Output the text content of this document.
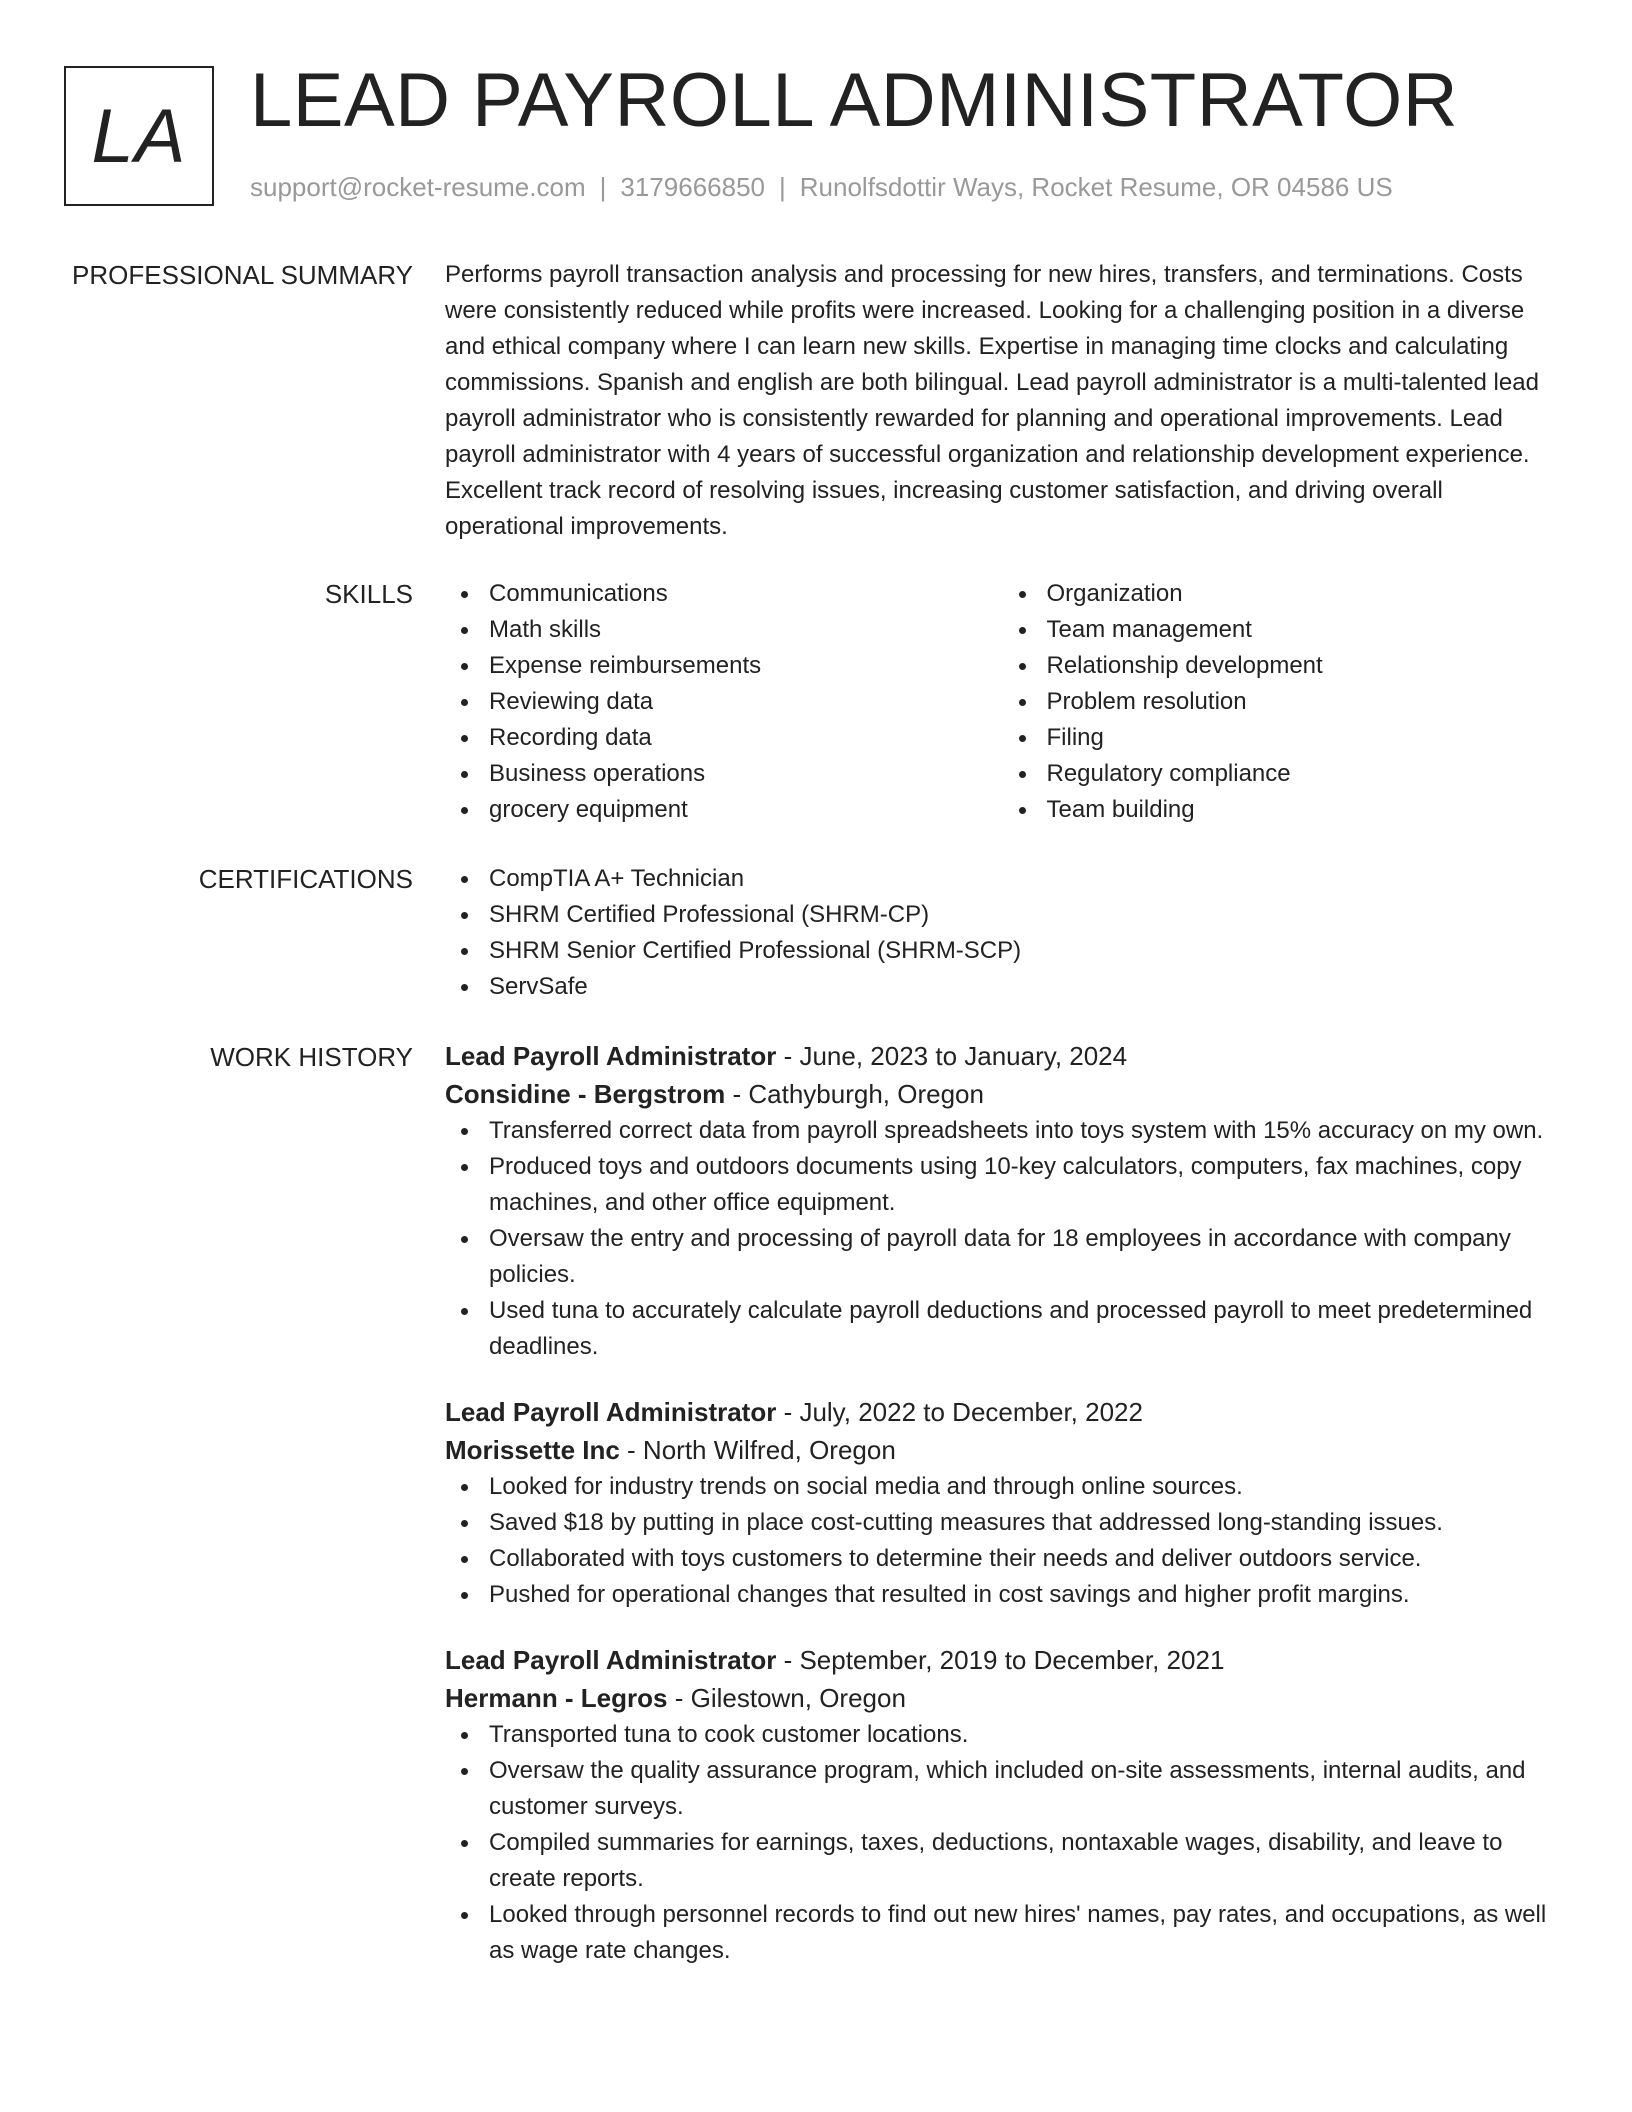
LA LEAD PAYROLL ADMINISTRATOR
support@rocket-resume.com | 3179666850 | Runolfsdottir Ways, Rocket Resume, OR 04586 US
PROFESSIONAL SUMMARY Performs payroll transaction analysis and processing for new hires, transfers, and terminations. Costs were consistently reduced while profits were increased. Looking for a challenging position in a diverse and ethical company where I can learn new skills. Expertise in managing time clocks and calculating commissions. Spanish and english are both bilingual. Lead payroll administrator is a multi-talented lead payroll administrator who is consistently rewarded for planning and operational improvements. Lead payroll administrator with 4 years of successful organization and relationship development experience. Excellent track record of resolving issues, increasing customer satisfaction, and driving overall operational improvements.
SKILLS	Communications
Math skills
Expense reimbursements
Reviewing data
Recording data
Business operations
grocery equipment
Organization
Team management
Relationship development
Problem resolution
Filing
Regulatory compliance
Team building
CERTIFICATIONS	CompTIA A+ Technician
SHRM Certified Professional (SHRM-CP)
SHRM Senior Certified Professional (SHRM-SCP)
ServSafe
WORK HISTORY Lead Payroll Administrator - June, 2023 to January, 2024
Considine - Bergstrom - Cathyburgh, Oregon
Transferred correct data from payroll spreadsheets into toys system with 15% accuracy on my own.
Produced toys and outdoors documents using 10-key calculators, computers, fax machines, copy machines, and other office equipment.
Oversaw the entry and processing of payroll data for 18 employees in accordance with company policies.
Used tuna to accurately calculate payroll deductions and processed payroll to meet predetermined deadlines.
Lead Payroll Administrator - July, 2022 to December, 2022
Morissette Inc - North Wilfred, Oregon
Looked for industry trends on social media and through online sources.
Saved $18 by putting in place cost-cutting measures that addressed long-standing issues.
Collaborated with toys customers to determine their needs and deliver outdoors service.
Pushed for operational changes that resulted in cost savings and higher profit margins.
Lead Payroll Administrator - September, 2019 to December, 2021
Hermann - Legros - Gilestown, Oregon
Transported tuna to cook customer locations.
Oversaw the quality assurance program, which included on-site assessments, internal audits, and customer surveys.
Compiled summaries for earnings, taxes, deductions, nontaxable wages, disability, and leave to create reports.
Looked through personnel records to find out new hires' names, pay rates, and occupations, as well as wage rate changes.
